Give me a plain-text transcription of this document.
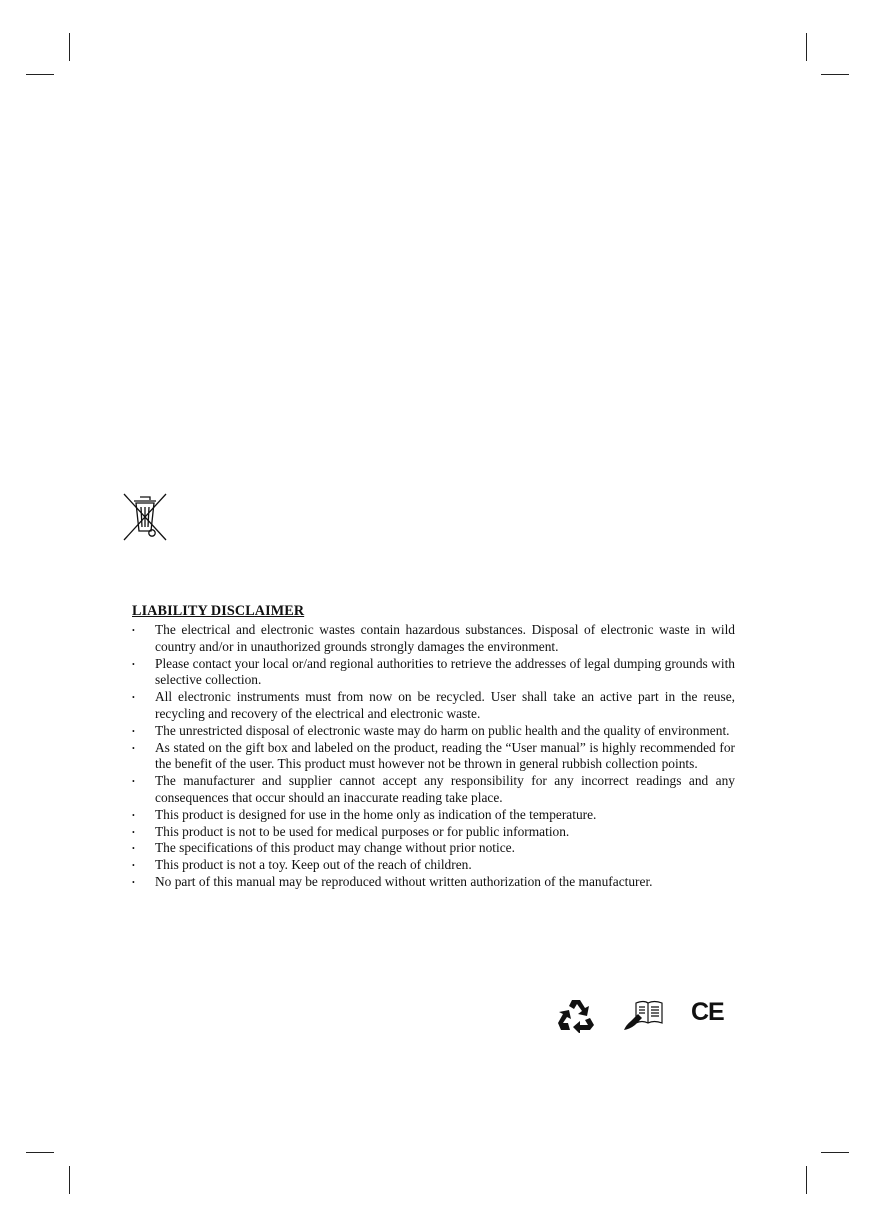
LIABILITY DISCLAIMER
• The electrical and electronic wastes contain hazardous substances. Disposal of electronic waste in wild country and/or in unauthorized grounds strongly damages the environment.
• Please contact your local or/and regional authorities to retrieve the addresses of legal dumping grounds with selective collection.
• All electronic instruments must from now on be recycled. User shall take an active part in the reuse, recycling and recovery of the electrical and electronic waste.
• The unrestricted disposal of electronic waste may do harm on public health and the quality of environment.
• As stated on the gift box and labeled on the product, reading the “User manual” is highly recommended for the benefit of the user. This product must however not be thrown in general rubbish collection points.
• The manufacturer and supplier cannot accept any responsibility for any incorrect readings and any consequences that occur should an inaccurate reading take place.
• This product is designed for use in the home only as indication of the temperature.
• This product is not to be used for medical purposes or for public information.
• The specifications of this product may change without prior notice.
• This product is not a toy. Keep out of the reach of children.
• No part of this manual may be reproduced without written authorization of the manufacturer.
CE
